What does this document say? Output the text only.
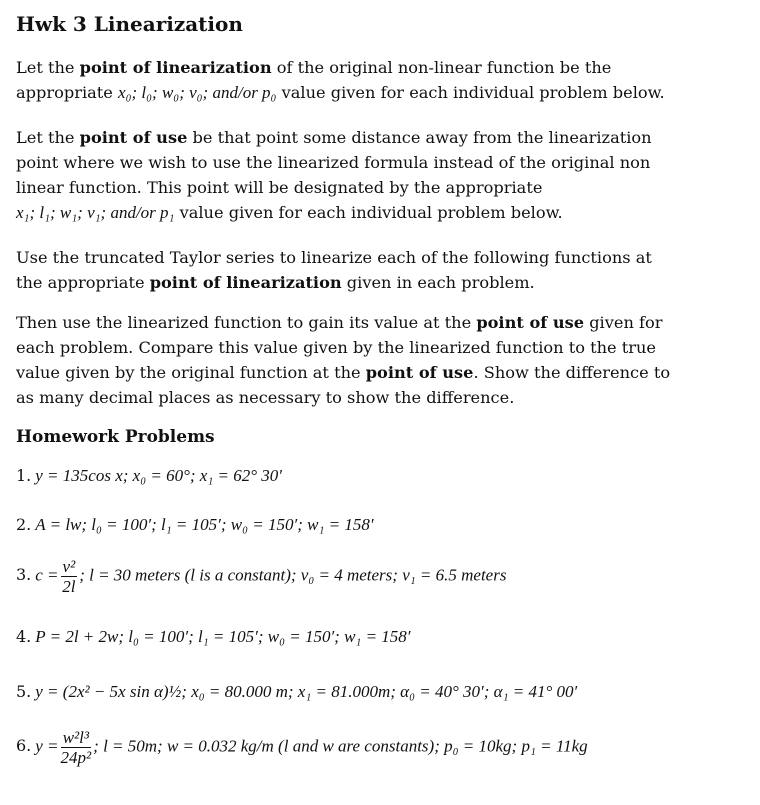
Hwk 3 Linearization
Let the point of linearization of the original non-linear function be the
appropriate x₀; l₀; w₀; v₀; and/or p₀ value given for each individual problem below.
Let the point of use be that point some distance away from the linearization
point where we wish to use the linearized formula instead of the original non
linear function. This point will be designated by the appropriate
x₁; l₁; w₁; v₁; and/or p₁ value given for each individual problem below.
Use the truncated Taylor series to linearize each of the following functions at
the appropriate point of linearization given in each problem.
Then use the linearized function to gain its value at the point of use given for
each problem. Compare this value given by the linearized function to the true
value given by the original function at the point of use. Show the difference to
as many decimal places as necessary to show the difference.
Homework Problems
1. y = 135cos x; x₀ = 60°; x₁ = 62° 30′
2. A = lw; l₀ = 100′; l₁ = 105′; w₀ = 150′; w₁ = 158′
3. $c = \frac{\text{v²}}{2l}$ ; l = 30 meters (l is a constant); v₀ = 4 meters; v₁ = 6.5 meters
4. P = 2l + 2w; l₀ = 100′; l₁ = 105′; w₀ = 150′; w₁ = 158′
5. y = (2x² − 5x sin α)½; x₀ = 80.000 m; x₁ = 81.000m; α₀ = 40° 30′; α₁ = 41° 00′
6. $y = \frac{\text{w²l³}}{\text{24p²}}$ ; l = 50m; w = 0.032 kg/m (l and w are constants); p₀ = 10kg; p₁ = 11kg
